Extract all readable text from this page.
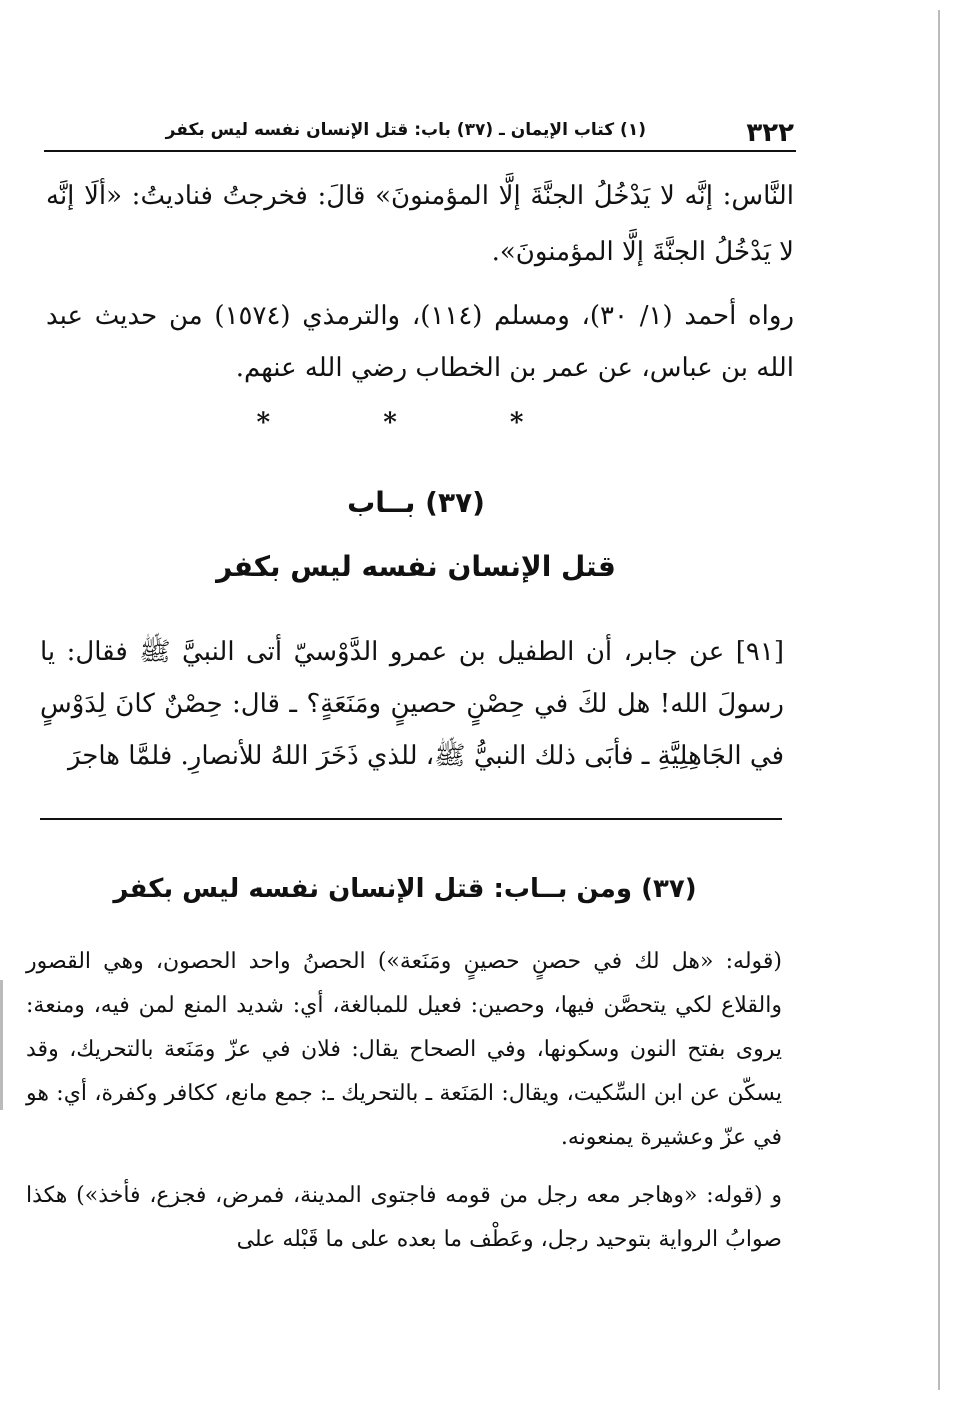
٣٢٢
(١) كتاب الإيمان ـ (٣٧) باب: قتل الإنسان نفسه ليس بكفر

النَّاس: إنَّه لا يَدْخُلُ الجنَّةَ إلَّا المؤمنونَ» قالَ: فخرجتُ فناديتُ: «ألَا إنَّه لا يَدْخُلُ الجنَّةَ إلَّا المؤمنونَ».

رواه أحمد (١/ ٣٠)، ومسلم (١١٤)، والترمذي (١٥٧٤) من حديث عبد الله بن عباس، عن عمر بن الخطاب رضي الله عنهم.

* * *
(٣٧) بــاب
قتل الإنسان نفسه ليس بكفر

[٩١] عن جابر، أن الطفيل بن عمرو الدَّوْسيّ أتى النبيَّ ﷺ فقال: يا رسولَ الله! هل لكَ في حِصْنٍ حصينٍ ومَنَعَةٍ؟ ـ قال: حِصْنٌ كانَ لِدَوْسٍ في الجَاهِلِيَّةِ ـ فأبَى ذلك النبيُّ ﷺ، للذي ذَخَرَ اللهُ للأنصارِ. فلمَّا هاجرَ

(٣٧) ومن بــاب: قتل الإنسان نفسه ليس بكفر

(قوله: «هل لك في حصنٍ حصينٍ ومَنَعة») الحصنُ واحد الحصون، وهي القصور والقلاع لكي يتحصَّن فيها، وحصين: فعيل للمبالغة، أي: شديد المنع لمن فيه، ومنعة: يروى بفتح النون وسكونها، وفي الصحاح يقال: فلان في عزّ ومَنَعة بالتحريك، وقد يسكّن عن ابن السِّكيت، ويقال: المَنَعة ـ بالتحريك ـ: جمع مانع، ككافر وكفرة، أي: هو في عزّ وعشيرة يمنعونه.

و (قوله: «وهاجر معه رجل من قومه فاجتوى المدينة، فمرض، فجزع، فأخذ») هكذا صوابُ الرواية بتوحيد رجل، وعَطْف ما بعده على ما قَبْله على
